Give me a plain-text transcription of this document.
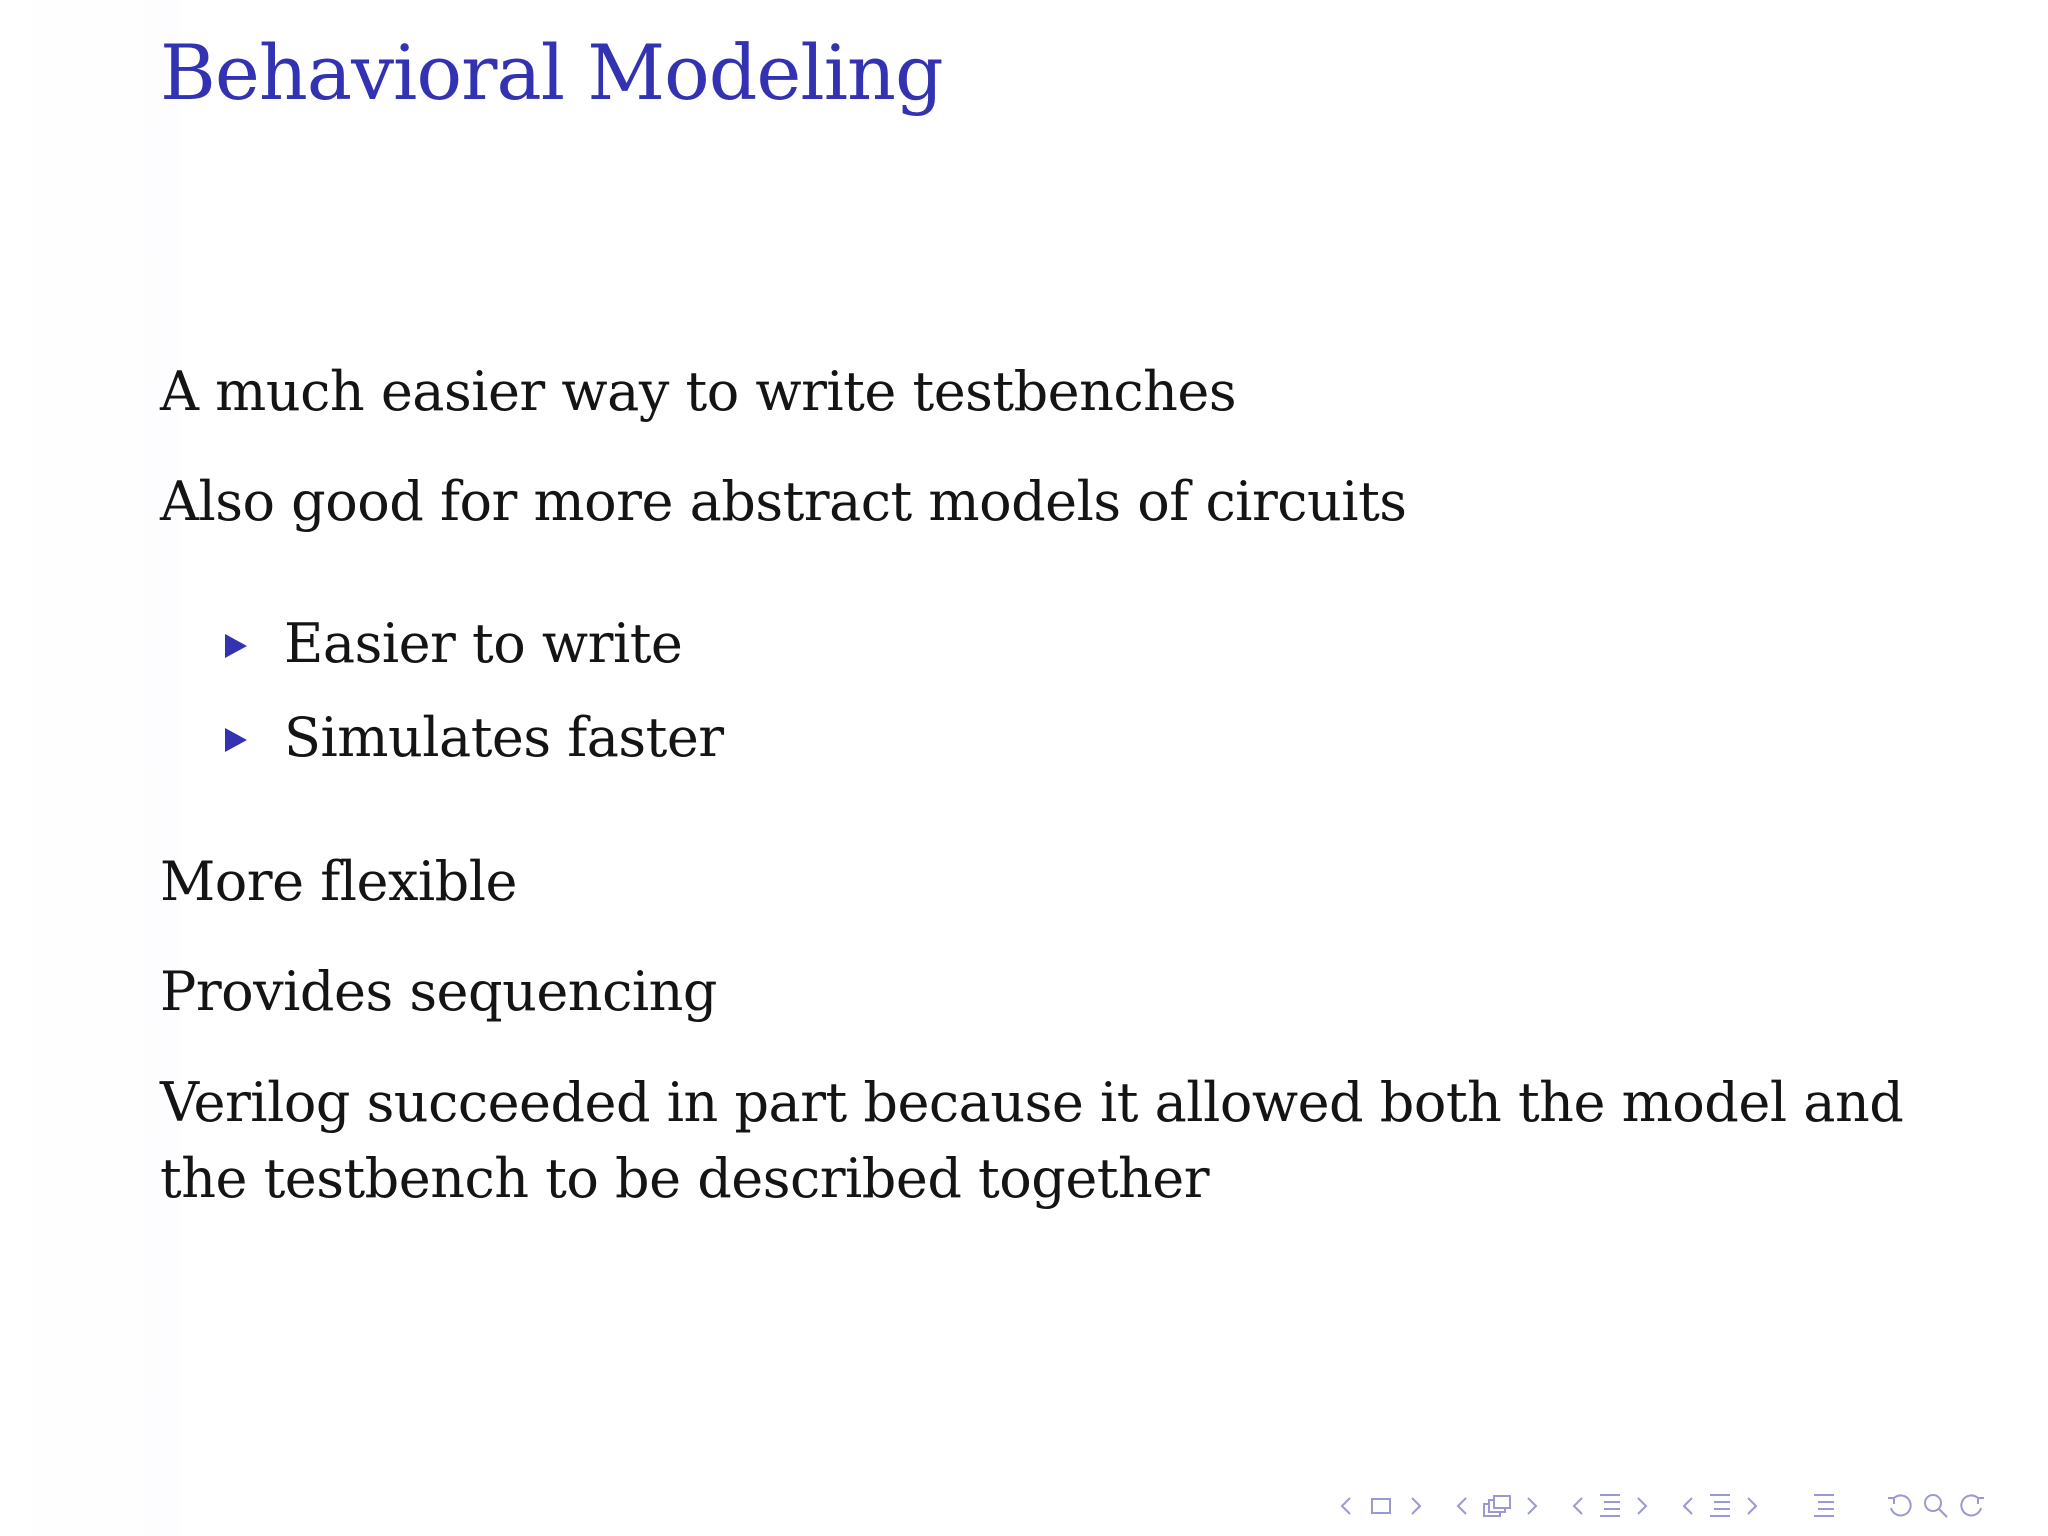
Behavioral Modeling
A much easier way to write testbenches
Also good for more abstract models of circuits
Easier to write
Simulates faster
More flexible
Provides sequencing
Verilog succeeded in part because it allowed both the model and
the testbench to be described together
